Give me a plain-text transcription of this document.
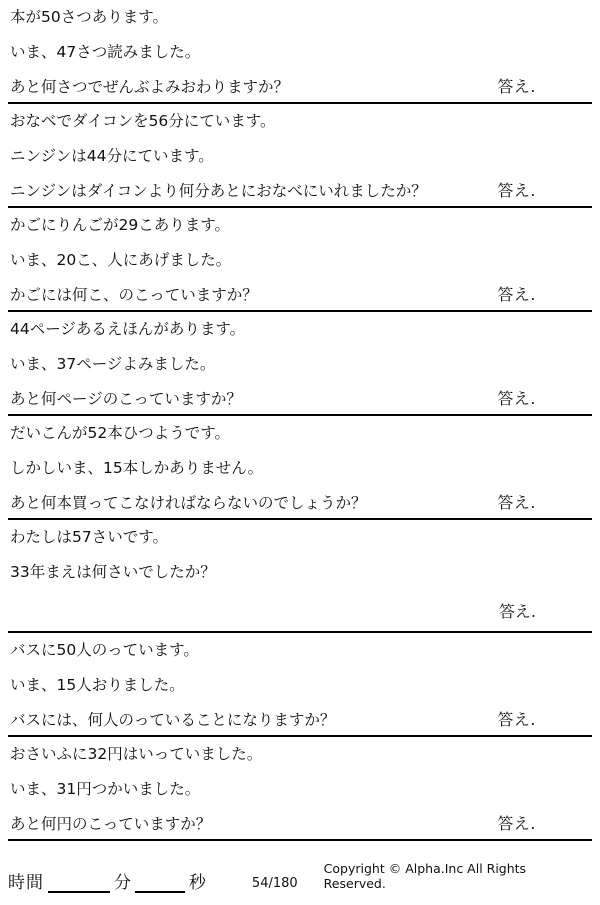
本が50さつあります。
いま、47さつ読みました。
あと何さつでぜんぶよみおわりますか？	答え.
おなべでダイコンを56分にています。
ニンジンは44分にています。
ニンジンはダイコンより何分あとにおなべにいれましたか？	答え.
かごにりんごが29こあります。
いま、20こ、人にあげました。
かごには何こ、のこっていますか？	答え.
44ページあるえほんがあります。
いま、37ページよみました。
あと何ページのこっていますか？	答え.
だいこんが52本ひつようです。
しかしいま、15本しかありません。
あと何本買ってこなければならないのでしょうか？	答え.
わたしは57さいです。
33年まえは何さいでしたか？
答え.
バスに50人のっています。
いま、15人おりました。
バスには、何人のっていることになりますか？	答え.
おさいふに32円はいっていました。
いま、31円つかいました。
あと何円のこっていますか？	答え.
時間	分	秒	54/180
Copyright © Alpha.Inc All Rights Reserved.
